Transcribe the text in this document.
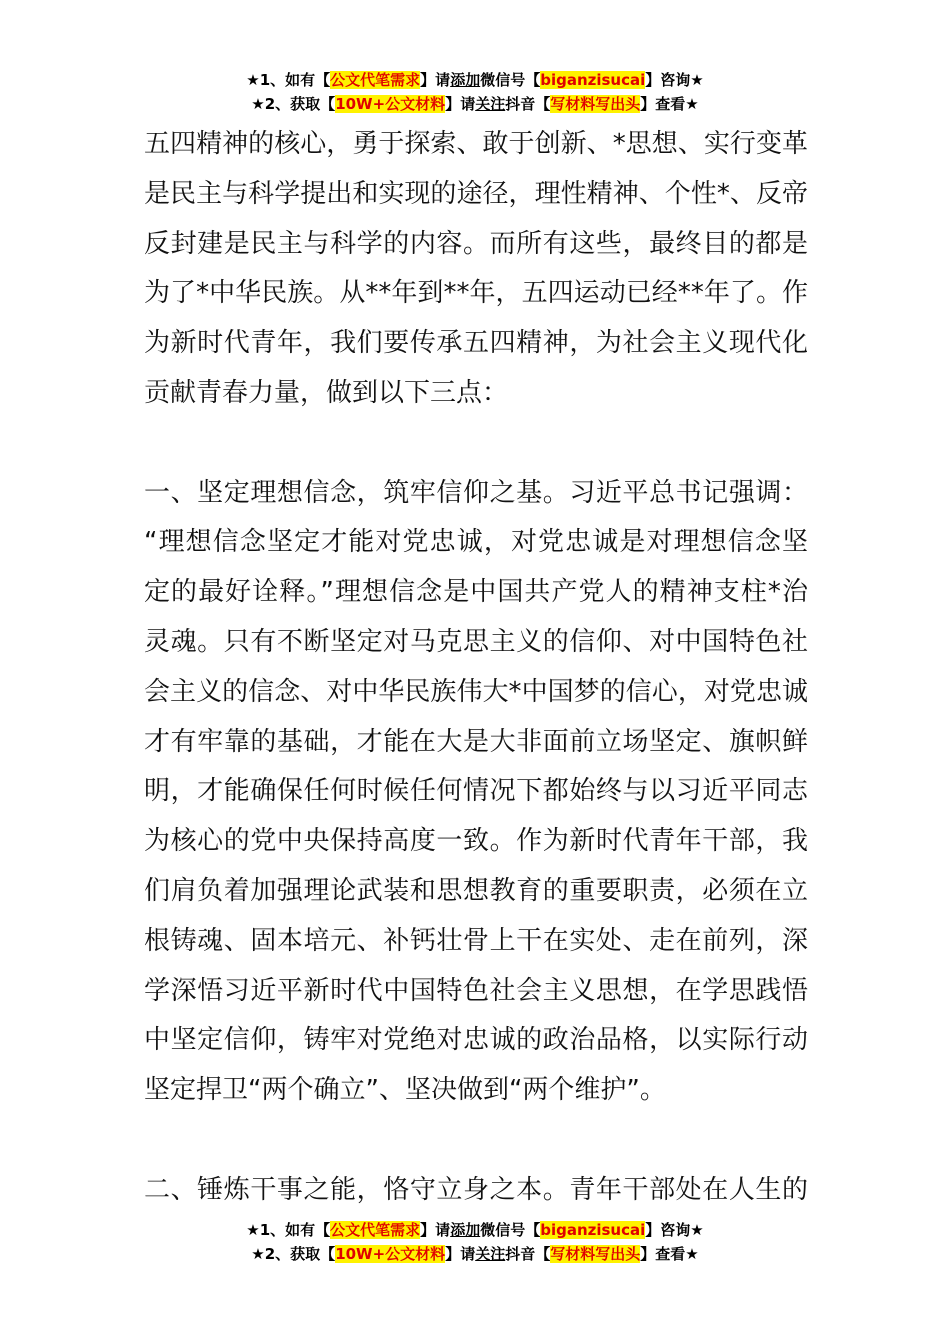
★1、如有【公文代笔需求】请添加微信号【biganzisucai】咨询★
★2、获取【10W+公文材料】请关注抖音【写材料写出头】查看★
五四精神的核心，勇于探索、敢于创新、*思想、实行变革
是民主与科学提出和实现的途径，理性精神、个性*、反帝
反封建是民主与科学的内容。而所有这些，最终目的都是
为了*中华民族。从**年到**年，五四运动已经**年了。作
为新时代青年，我们要传承五四精神，为社会主义现代化
贡献青春力量，做到以下三点：
一、坚定理想信念，筑牢信仰之基。习近平总书记强调：
“理想信念坚定才能对党忠诚，对党忠诚是对理想信念坚
定的最好诠释。”理想信念是中国共产党人的精神支柱*治
灵魂。只有不断坚定对马克思主义的信仰、对中国特色社
会主义的信念、对中华民族伟大*中国梦的信心，对党忠诚
才有牢靠的基础，才能在大是大非面前立场坚定、旗帜鲜
明，才能确保任何时候任何情况下都始终与以习近平同志
为核心的党中央保持高度一致。作为新时代青年干部，我
们肩负着加强理论武装和思想教育的重要职责，必须在立
根铸魂、固本培元、补钙壮骨上干在实处、走在前列，深
学深悟习近平新时代中国特色社会主义思想，在学思践悟
中坚定信仰，铸牢对党绝对忠诚的政治品格，以实际行动
坚定捍卫“两个确立”、坚决做到“两个维护”。
二、锤炼干事之能，恪守立身之本。青年干部处在人生的
★1、如有【公文代笔需求】请添加微信号【biganzisucai】咨询★
★2、获取【10W+公文材料】请关注抖音【写材料写出头】查看★
